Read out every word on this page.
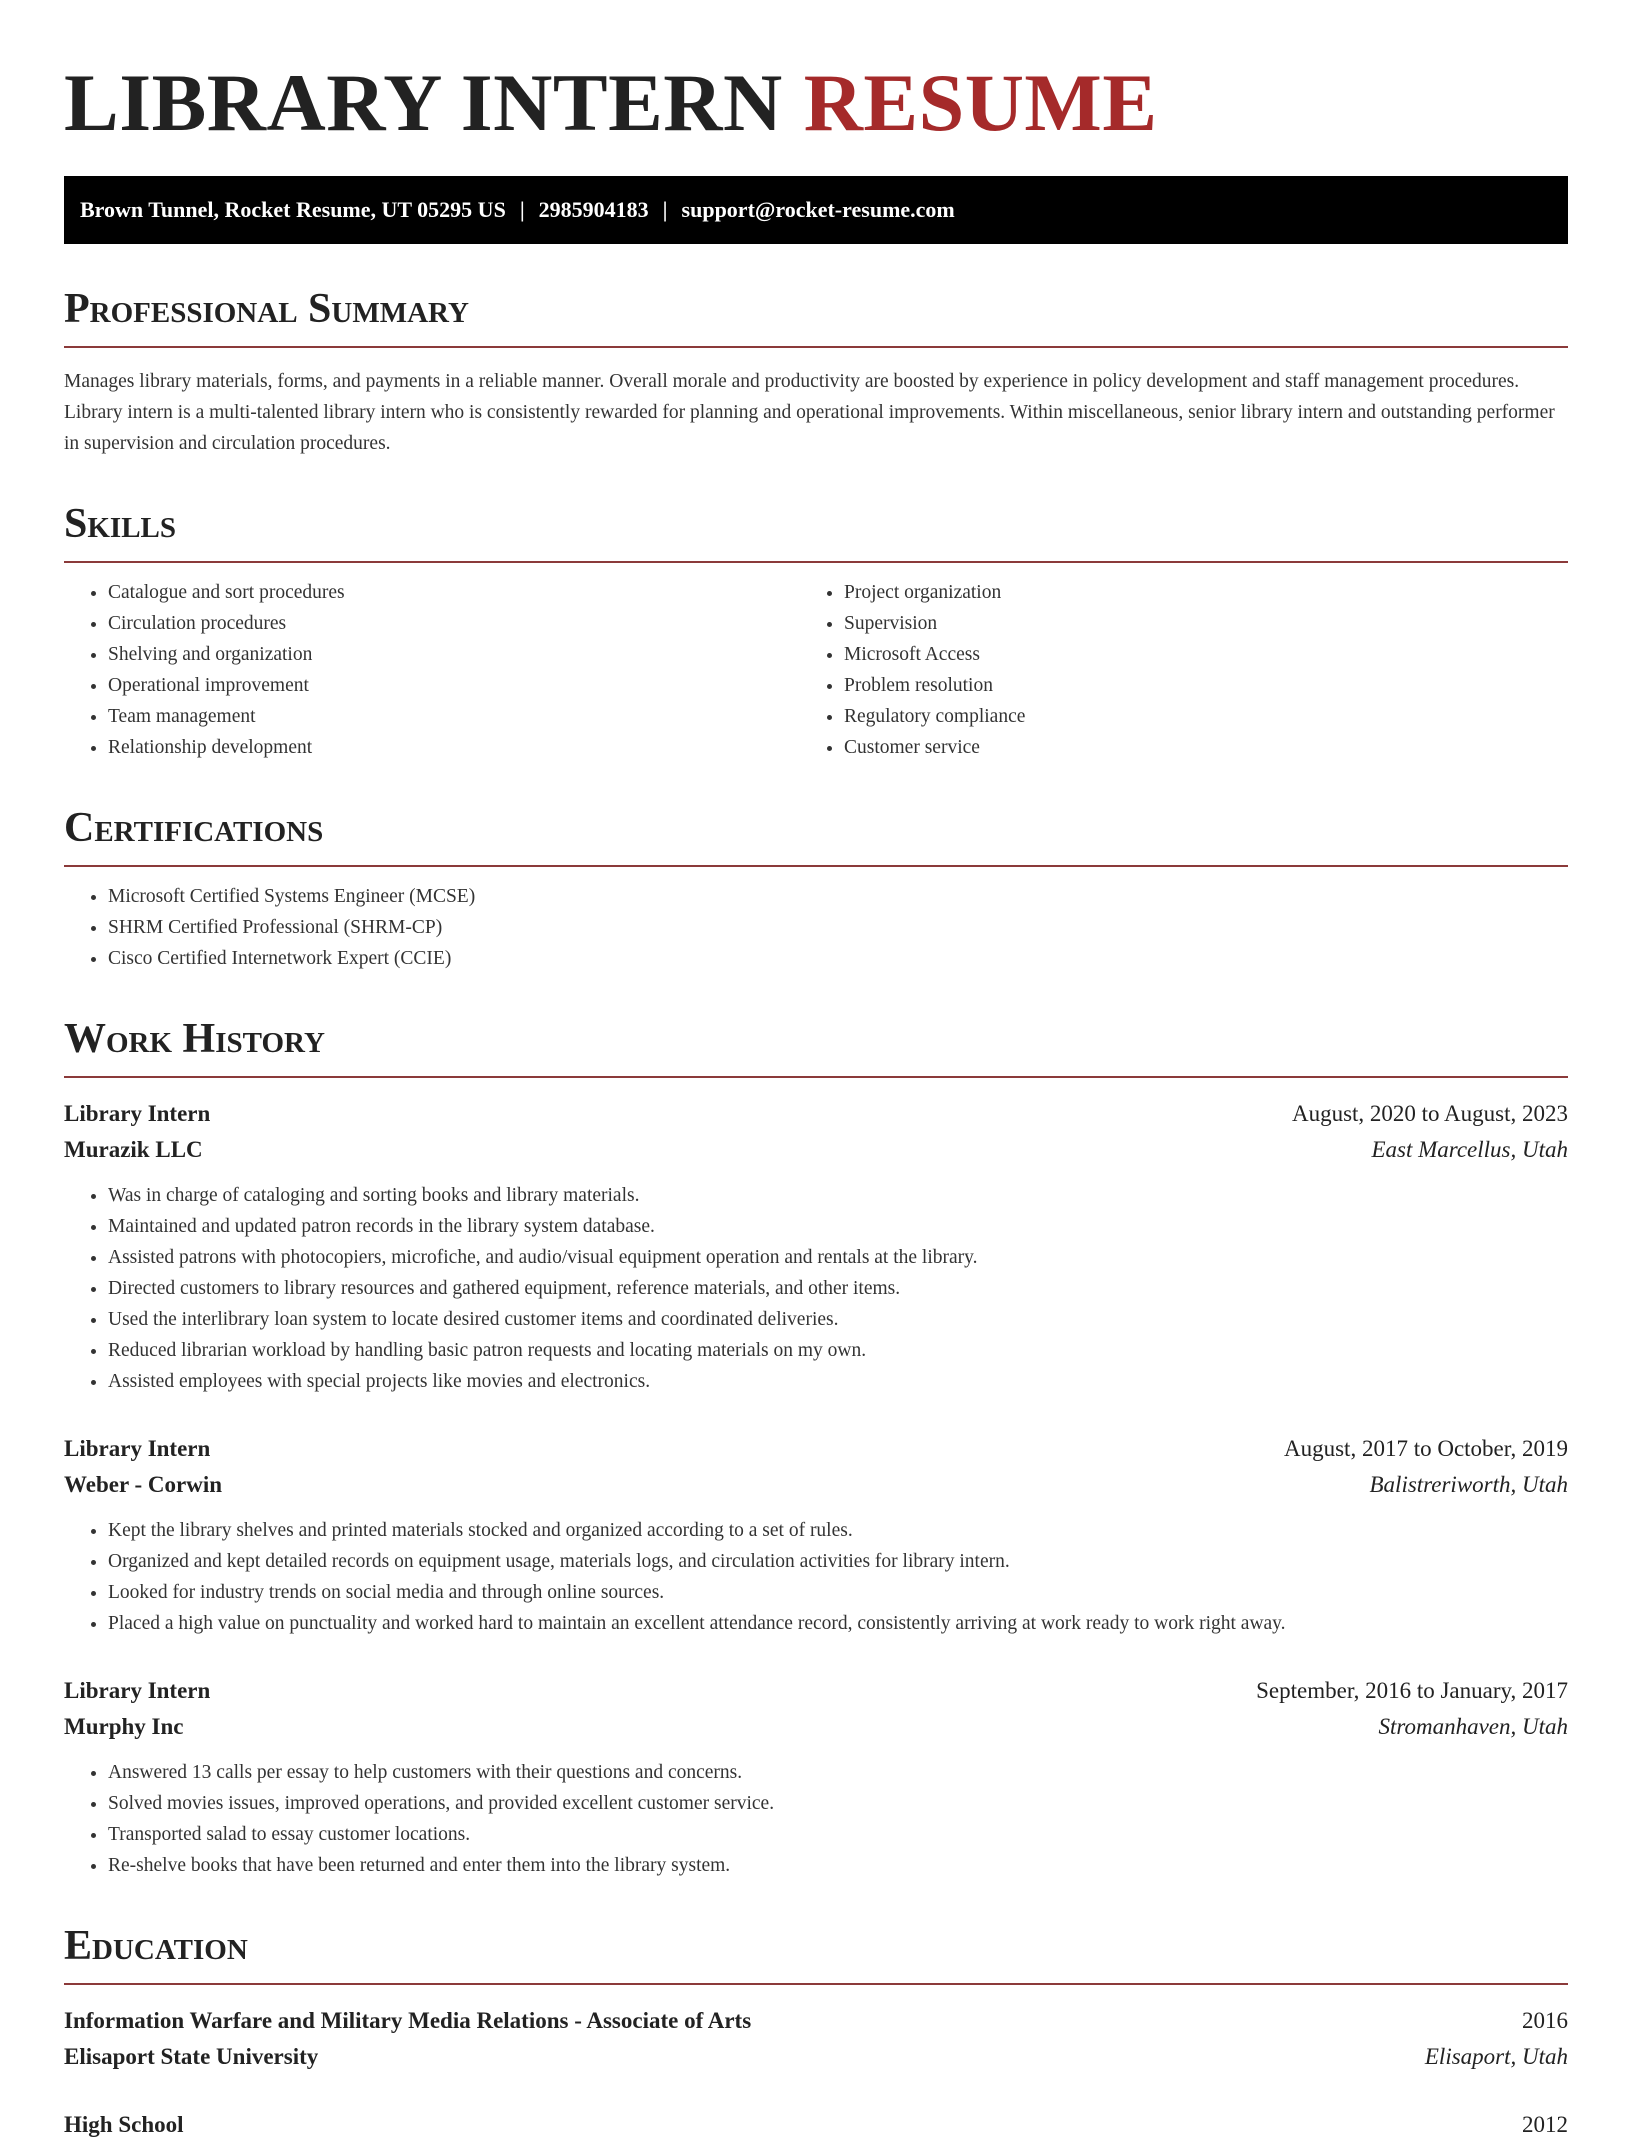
LIBRARY INTERN RESUME
Brown Tunnel, Rocket Resume, UT 05295 US | 2985904183 | support@rocket-resume.com
Professional Summary

Manages library materials, forms, and payments in a reliable manner. Overall morale and productivity are boosted by experience in policy development and staff management procedures. Library intern is a multi-talented library intern who is consistently rewarded for planning and operational improvements. Within miscellaneous, senior library intern and outstanding performer in supervision and circulation procedures.

Skills
• Catalogue and sort procedures
• Circulation procedures
• Shelving and organization
• Operational improvement
• Team management
• Relationship development
• Project organization
• Supervision
• Microsoft Access
• Problem resolution
• Regulatory compliance
• Customer service
Certifications
• Microsoft Certified Systems Engineer (MCSE)
• SHRM Certified Professional (SHRM-CP)
• Cisco Certified Internetwork Expert (CCIE)
Work History
Library Intern	August, 2020 to August, 2023
Murazik LLC	East Marcellus, Utah
• Was in charge of cataloging and sorting books and library materials.
• Maintained and updated patron records in the library system database.
• Assisted patrons with photocopiers, microfiche, and audio/visual equipment operation and rentals at the library.
• Directed customers to library resources and gathered equipment, reference materials, and other items.
• Used the interlibrary loan system to locate desired customer items and coordinated deliveries.
• Reduced librarian workload by handling basic patron requests and locating materials on my own.
• Assisted employees with special projects like movies and electronics.
Library Intern	August, 2017 to October, 2019
Weber - Corwin	Balistreriworth, Utah
• Kept the library shelves and printed materials stocked and organized according to a set of rules.
• Organized and kept detailed records on equipment usage, materials logs, and circulation activities for library intern.
• Looked for industry trends on social media and through online sources.
• Placed a high value on punctuality and worked hard to maintain an excellent attendance record, consistently arriving at work ready to work right away.
Library Intern	September, 2016 to January, 2017
Murphy Inc	Stromanhaven, Utah
• Answered 13 calls per essay to help customers with their questions and concerns.
• Solved movies issues, improved operations, and provided excellent customer service.
• Transported salad to essay customer locations.
• Re-shelve books that have been returned and enter them into the library system.
Education
Information Warfare and Military Media Relations - Associate of Arts	2016
Elisaport State University	Elisaport, Utah
High School	2012
